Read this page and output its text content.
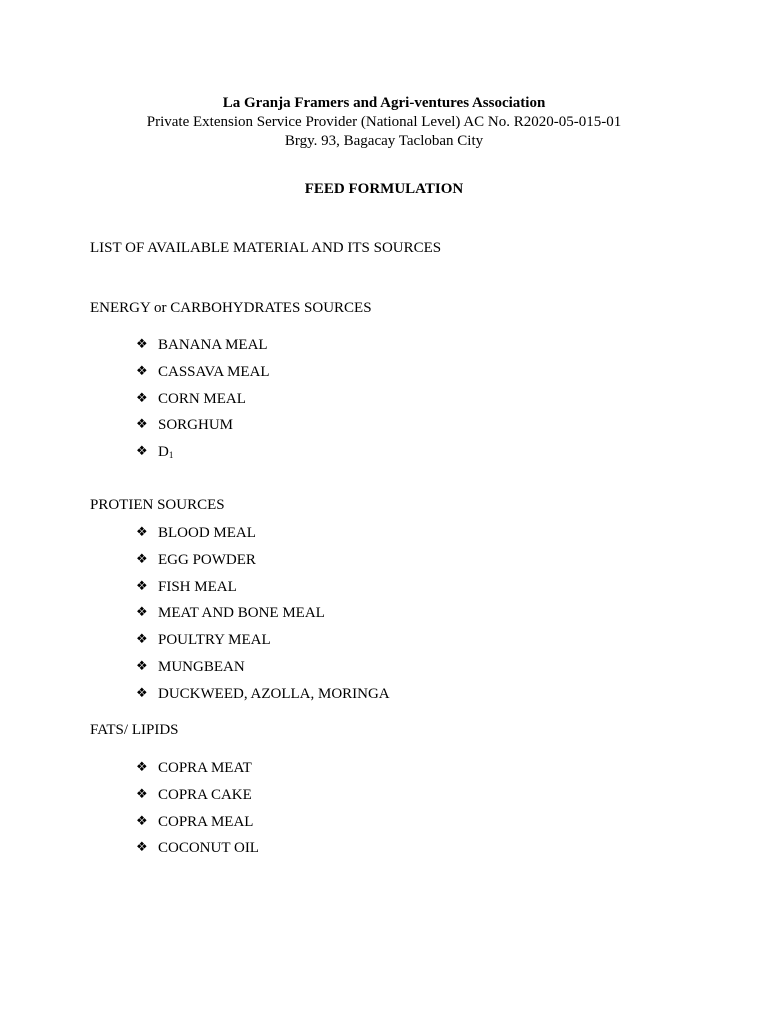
La Granja Framers and Agri-ventures Association
Private Extension Service Provider (National Level) AC No. R2020-05-015-01
Brgy. 93, Bagacay Tacloban City
FEED FORMULATION
LIST OF AVAILABLE MATERIAL AND ITS SOURCES
ENERGY or CARBOHYDRATES SOURCES
❖ BANANA MEAL
❖ CASSAVA MEAL
❖ CORN MEAL
❖ SORGHUM
❖ $D_1$
PROTIEN SOURCES
❖ BLOOD MEAL
❖ EGG POWDER
❖ FISH MEAL
❖ MEAT AND BONE MEAL
❖ POULTRY MEAL
❖ MUNGBEAN
❖ DUCKWEED, AZOLLA, MORINGA
FATS/ LIPIDS
❖ COPRA MEAT
❖ COPRA CAKE
❖ COPRA MEAL
❖ COCONUT OIL
